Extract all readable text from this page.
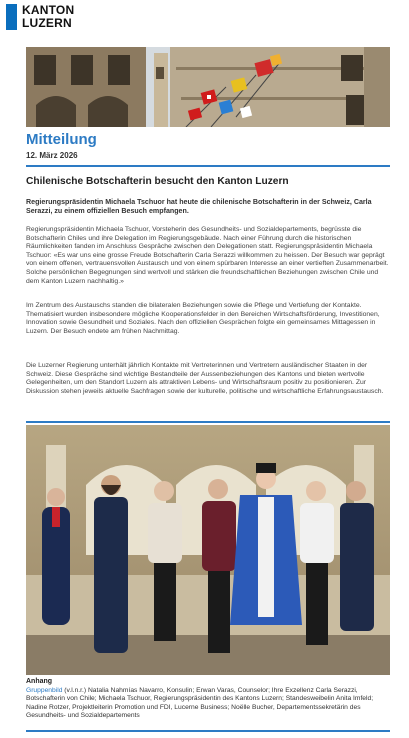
KANTON
LUZERN
Mitteilung
12. März 2026
Chilenische Botschafterin besucht den Kanton Luzern
Regierungspräsidentin Michaela Tschuor hat heute die chilenische Botschafterin in der Schweiz, Carla Serazzi, zu einem offiziellen Besuch empfangen.
Regierungspräsidentin Michaela Tschuor, Vorsteherin des Gesundheits- und Sozialdepartements, begrüsste die Botschafterin Chiles und ihre Delegation im Regierungsgebäude. Nach einer Führung durch die historischen Räumlichkeiten fanden im Anschluss Gespräche zwischen den Delegationen statt. Regierungspräsidentin Michaela Tschuor: «Es war uns eine grosse Freude Botschafterin Carla Serazzi willkommen zu heissen. Der Besuch war geprägt von einem offenen, vertrauensvollen Austausch und von einem spürbaren Interesse an einer vertieften Zusammenarbeit. Solche persönlichen Begegnungen sind wertvoll und stärken die freundschaftlichen Beziehungen zwischen Chile und dem Kanton Luzern nachhaltig.»
Im Zentrum des Austauschs standen die bilateralen Beziehungen sowie die Pflege und Vertiefung der Kontakte. Thematisiert wurden insbesondere mögliche Kooperationsfelder in den Bereichen Wirtschaftsförderung, Investitionen, Innovation sowie Gesundheit und Soziales. Nach den offiziellen Gesprächen folgte ein gemeinsames Mittagessen in Luzern. Der Besuch endete am frühen Nachmittag.
Die Luzerner Regierung unterhält jährlich Kontakte mit Vertreterinnen und Vertretern ausländischer Staaten in der Schweiz. Diese Gespräche sind wichtige Bestandteile der Aussenbeziehungen des Kantons und bieten wertvolle Gelegenheiten, um den Standort Luzern als attraktiven Lebens- und Wirtschaftsraum positiv zu positionieren. Zur Diskussion stehen jeweils aktuelle Sachfragen sowie der kulturelle, politische und wirtschaftliche Erfahrungsaustausch.
Anhang
Gruppenbild (v.l.n.r.) Natalia Nahmías Navarro, Konsulin; Erwan Varas, Counselor; Ihre Exzellenz Carla Serazzi, Botschafterin von Chile; Michaela Tschuor, Regierungspräsidentin des Kantons Luzern; Standesweibelin Anita Imfeld; Nadine Rotzer, Projektleiterin Promotion und FDI, Lucerne Business; Noëlle Bucher, Departementssekretärin des Gesundheits- und Sozialdepartements
